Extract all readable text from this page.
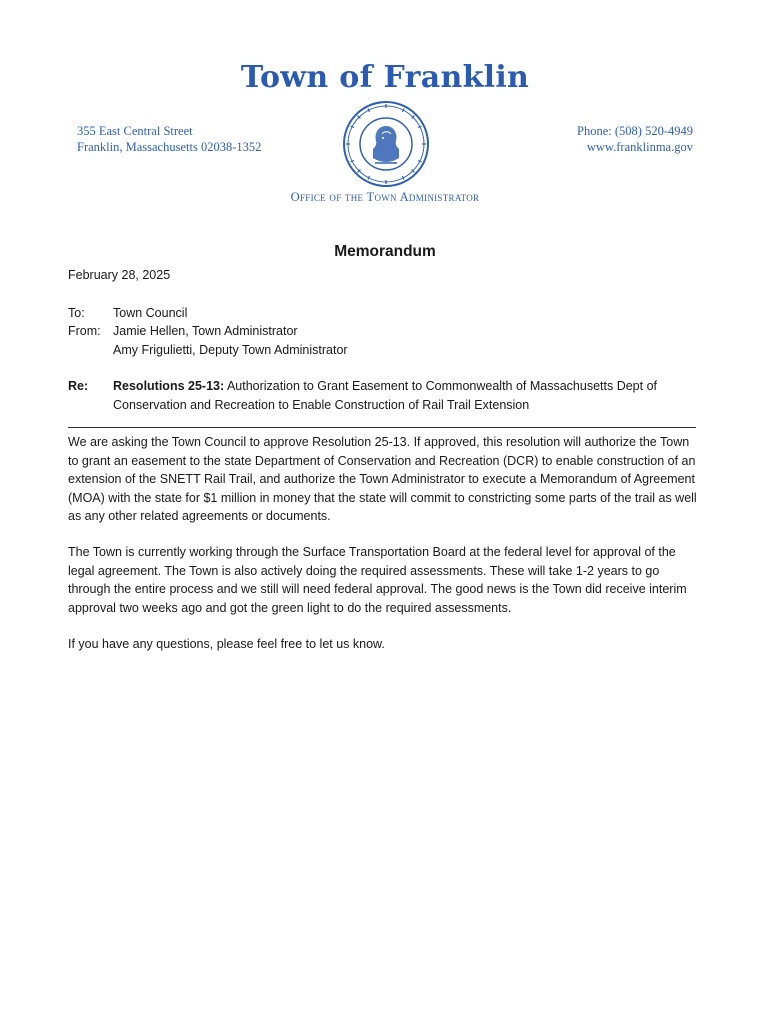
Town of Franklin
355 East Central Street
Franklin, Massachusetts 02038-1352
Phone: (508) 520-4949
www.franklinma.gov
Office of the Town Administrator
Memorandum
February 28, 2025
To:	Town Council
From: Jamie Hellen, Town Administrator
Amy Frigulietti, Deputy Town Administrator
Re: Resolutions 25-13: Authorization to Grant Easement to Commonwealth of Massachusetts Dept of Conservation and Recreation to Enable Construction of Rail Trail Extension
We are asking the Town Council to approve Resolution 25-13. If approved, this resolution will authorize the Town to grant an easement to the state Department of Conservation and Recreation (DCR) to enable construction of an extension of the SNETT Rail Trail, and authorize the Town Administrator to execute a Memorandum of Agreement (MOA) with the state for $1 million in money that the state will commit to constricting some parts of the trail as well as any other related agreements or documents.
The Town is currently working through the Surface Transportation Board at the federal level for approval of the legal agreement. The Town is also actively doing the required assessments. These will take 1-2 years to go through the entire process and we still will need federal approval. The good news is the Town did receive interim approval two weeks ago and got the green light to do the required assessments.
If you have any questions, please feel free to let us know.
